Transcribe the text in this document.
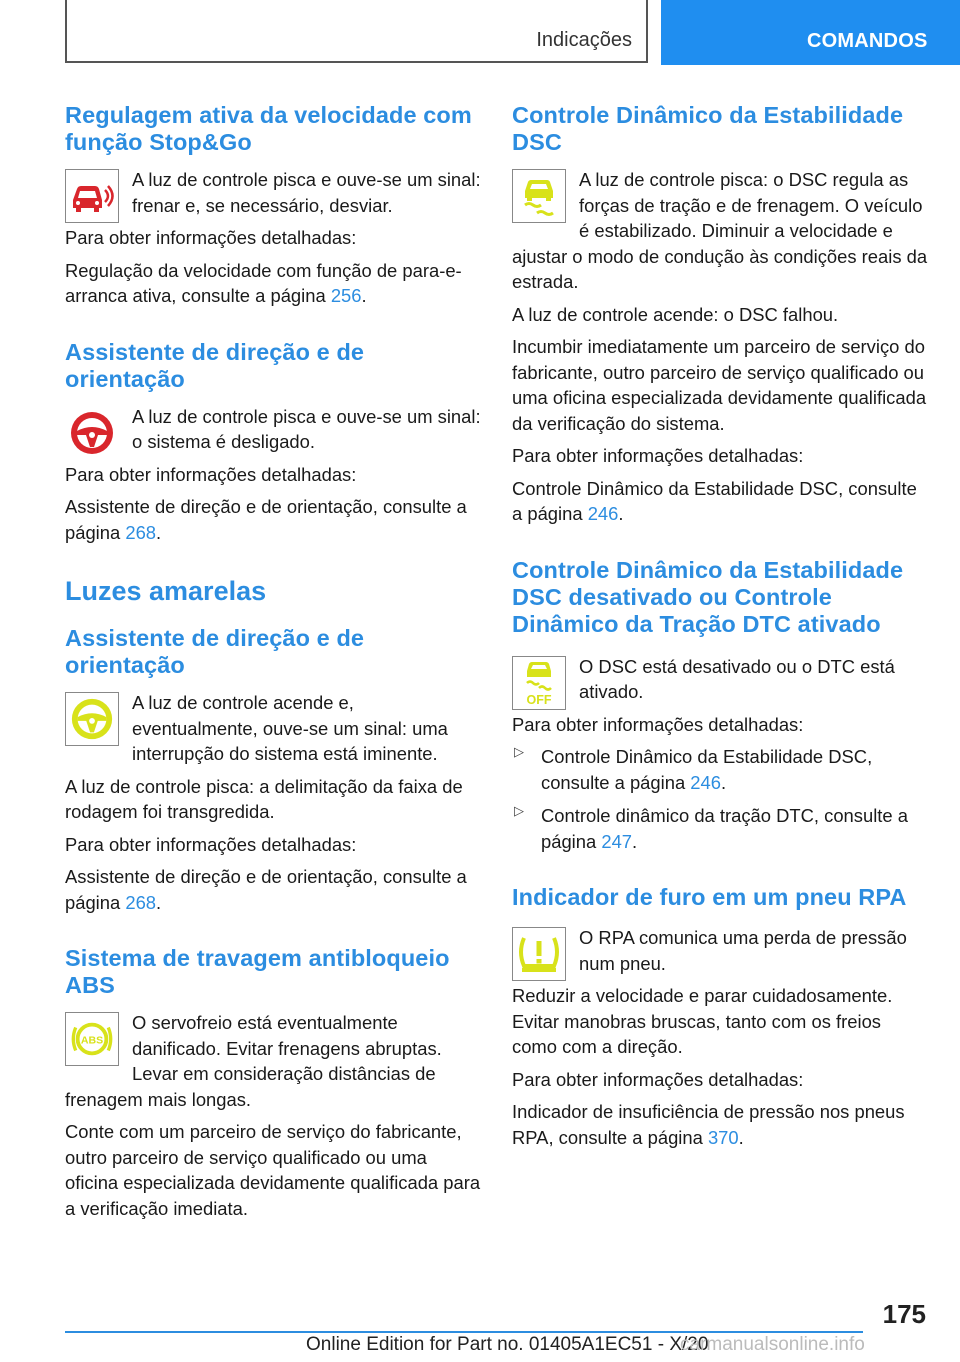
Indicações	COMANDOS
Regulagem ativa da velocidade com função Stop&Go

A luz de controle pisca e ouve-se um sinal: frenar e, se necessário, desviar.

Para obter informações detalhadas:

Regulação da velocidade com função de para-e-arranca ativa, consulte a página 256.

Assistente de direção e de orientação

A luz de controle pisca e ouve-se um sinal: o sistema é desligado.

Para obter informações detalhadas:

Assistente de direção e de orientação, consulte a página 268.

Luzes amarelas
Assistente de direção e de orientação

A luz de controle acende e, eventualmente, ouve-se um sinal: uma interrupção do sistema está iminente.

A luz de controle pisca: a delimitação da faixa de rodagem foi transgredida.

Para obter informações detalhadas:

Assistente de direção e de orientação, consulte a página 268.

Sistema de travagem antibloqueio ABS
ABS

O servofreio está eventualmente danificado. Evitar frenagens abruptas. Levar em consideração distâncias de frenagem mais longas.

Conte com um parceiro de serviço do fabricante, outro parceiro de serviço qualificado ou uma oficina especializada devidamente qualificada para a verificação imediata.

Controle Dinâmico da Estabilidade DSC

A luz de controle pisca: o DSC regula as forças de tração e de frenagem. O veículo é estabilizado. Diminuir a velocidade e ajustar o modo de condução às condições reais da estrada.

A luz de controle acende: o DSC falhou.

Incumbir imediatamente um parceiro de serviço do fabricante, outro parceiro de serviço qualificado ou uma oficina especializada devidamente qualificada da verificação do sistema.

Para obter informações detalhadas:

Controle Dinâmico da Estabilidade DSC, consulte a página 246.

Controle Dinâmico da Estabilidade DSC desativado ou Controle Dinâmico da Tração DTC ativado
OFF

O DSC está desativado ou o DTC está ativado.

Para obter informações detalhadas:

▷ Controle Dinâmico da Estabilidade DSC, consulte a página 246.

▷ Controle dinâmico da tração DTC, consulte a página 247.

Indicador de furo em um pneu RPA

O RPA comunica uma perda de pressão num pneu.

Reduzir a velocidade e parar cuidadosamente. Evitar manobras bruscas, tanto com os freios como com a direção.

Para obter informações detalhadas:

Indicador de insuficiência de pressão nos pneus RPA, consulte a página 370.

175
Online Edition for Part no. 01405A1EC51 - X/20
carmanualsonline.info
